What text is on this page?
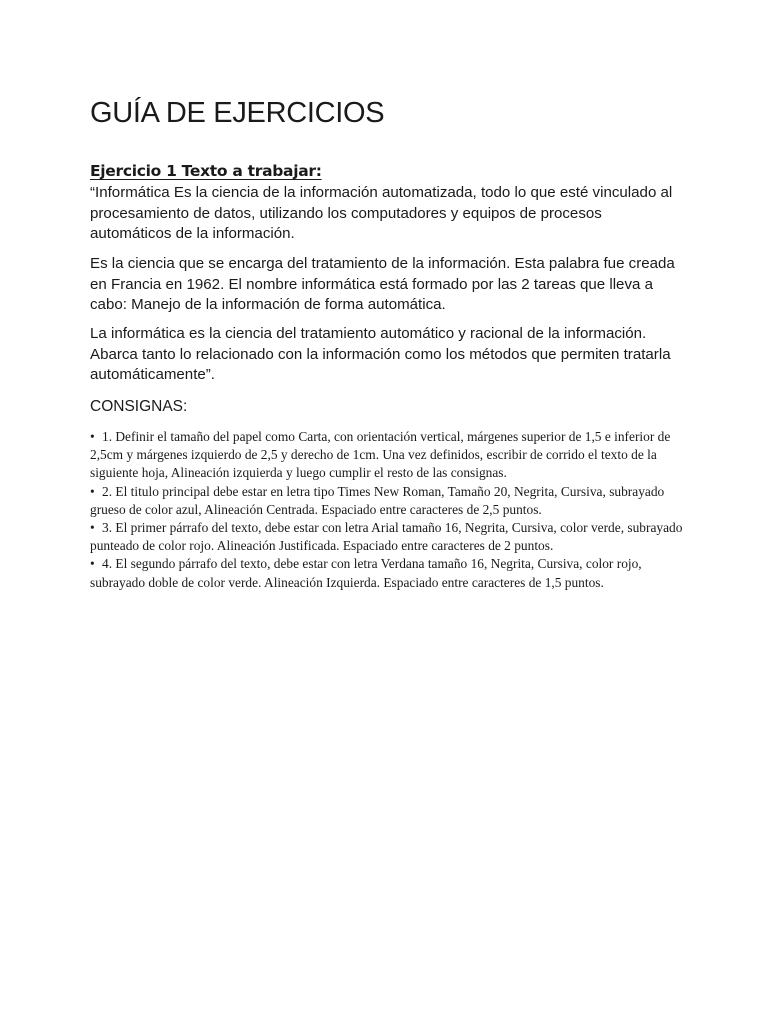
GUÍA DE EJERCICIOS
Ejercicio 1 Texto a trabajar:

“Informática Es la ciencia de la información automatizada, todo lo que esté vinculado al procesamiento de datos, utilizando los computadores y equipos de procesos automáticos de la información.

Es la ciencia que se encarga del tratamiento de la información. Esta palabra fue creada en Francia en 1962. El nombre informática está formado por las 2 tareas que lleva a cabo: Manejo de la información de forma automática.

La informática es la ciencia del tratamiento automático y racional de la información. Abarca tanto lo relacionado con la información como los métodos que permiten tratarla automáticamente”.

CONSIGNAS:
• 1. Definir el tamaño del papel como Carta, con orientación vertical, márgenes superior de 1,5 e inferior de 2,5cm y márgenes izquierdo de 2,5 y derecho de 1cm. Una vez definidos, escribir de corrido el texto de la siguiente hoja, Alineación izquierda y luego cumplir el resto de las consignas.
• 2. El titulo principal debe estar en letra tipo Times New Roman, Tamaño 20, Negrita, Cursiva, subrayado grueso de color azul, Alineación Centrada. Espaciado entre caracteres de 2,5 puntos.
• 3. El primer párrafo del texto, debe estar con letra Arial tamaño 16, Negrita, Cursiva, color verde, subrayado punteado de color rojo. Alineación Justificada. Espaciado entre caracteres de 2 puntos.
• 4. El segundo párrafo del texto, debe estar con letra Verdana tamaño 16, Negrita, Cursiva, color rojo, subrayado doble de color verde. Alineación Izquierda. Espaciado entre caracteres de 1,5 puntos.
